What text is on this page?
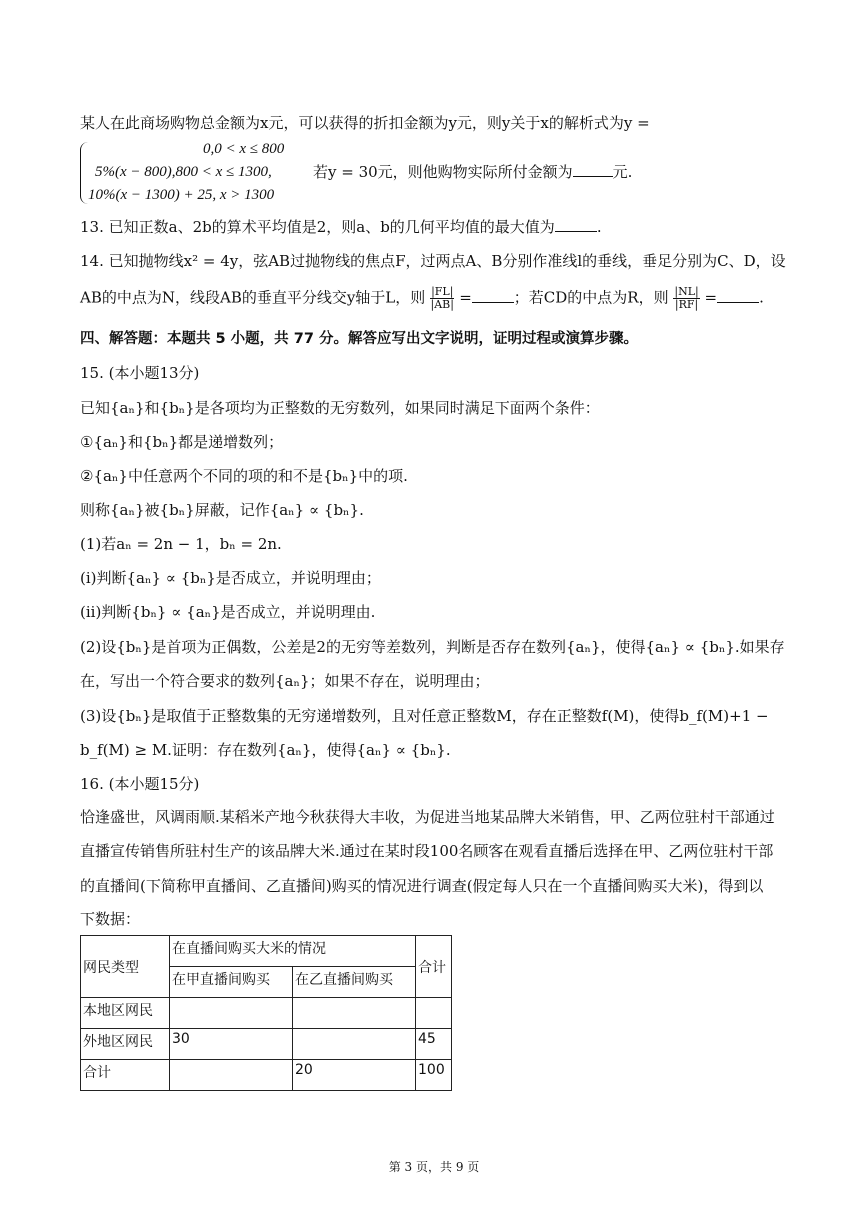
某人在此商场购物总金额为x元，可以获得的折扣金额为y元，则y关于x的解析式为y =
0,0 < x ≤ 800
5%(x − 800),800 < x ≤ 1300,	若y = 30元，则他购物实际所付金额为	元.
10%(x − 1300) + 25, x > 1300
13. 已知正数a、2b的算术平均值是2，则a、b的几何平均值的最大值为	.
14. 已知抛物线x² = 4y，弦AB过抛物线的焦点F，过两点A、B分别作准线l的垂线，垂足分别为C、D，设
AB的中点为N，线段AB的垂直平分线交y轴于L，则 $\frac{|FL|}{|AB|}$ =	；若CD的中点为R，则 $\frac{|NL|}{|RF|}$ =	.
四、解答题：本题共 5 小题，共 77 分。解答应写出文字说明，证明过程或演算步骤。
15. (本小题13分)
已知{aₙ}和{bₙ}是各项均为正整数的无穷数列，如果同时满足下面两个条件：
①{aₙ}和{bₙ}都是递增数列；
②{aₙ}中任意两个不同的项的和不是{bₙ}中的项.
则称{aₙ}被{bₙ}屏蔽，记作{aₙ} ∝ {bₙ}.
(1)若aₙ = 2n − 1，bₙ = 2n.
(i)判断{aₙ} ∝ {bₙ}是否成立，并说明理由；
(ii)判断{bₙ} ∝ {aₙ}是否成立，并说明理由.
(2)设{bₙ}是首项为正偶数，公差是2的无穷等差数列，判断是否存在数列{aₙ}，使得{aₙ} ∝ {bₙ}.如果存
在，写出一个符合要求的数列{aₙ}；如果不存在，说明理由；
(3)设{bₙ}是取值于正整数集的无穷递增数列，且对任意正整数M，存在正整数f(M)，使得b_f(M)+1 −
b_f(M) ≥ M.证明：存在数列{aₙ}，使得{aₙ} ∝ {bₙ}.
16. (本小题15分)
恰逢盛世，风调雨顺.某稻米产地今秋获得大丰收，为促进当地某品牌大米销售，甲、乙两位驻村干部通过
直播宣传销售所驻村生产的该品牌大米.通过在某时段100名顾客在观看直播后选择在甲、乙两位驻村干部
的直播间(下简称甲直播间、乙直播间)购买的情况进行调查(假定每人只在一个直播间购买大米)，得到以
下数据：
网民类型	在直播间购买大米的情况		合计
	在甲直播间购买	在乙直播间购买	
本地区网民			
外地区网民	30		45
合计		20	100
第 3 页，共 9 页
